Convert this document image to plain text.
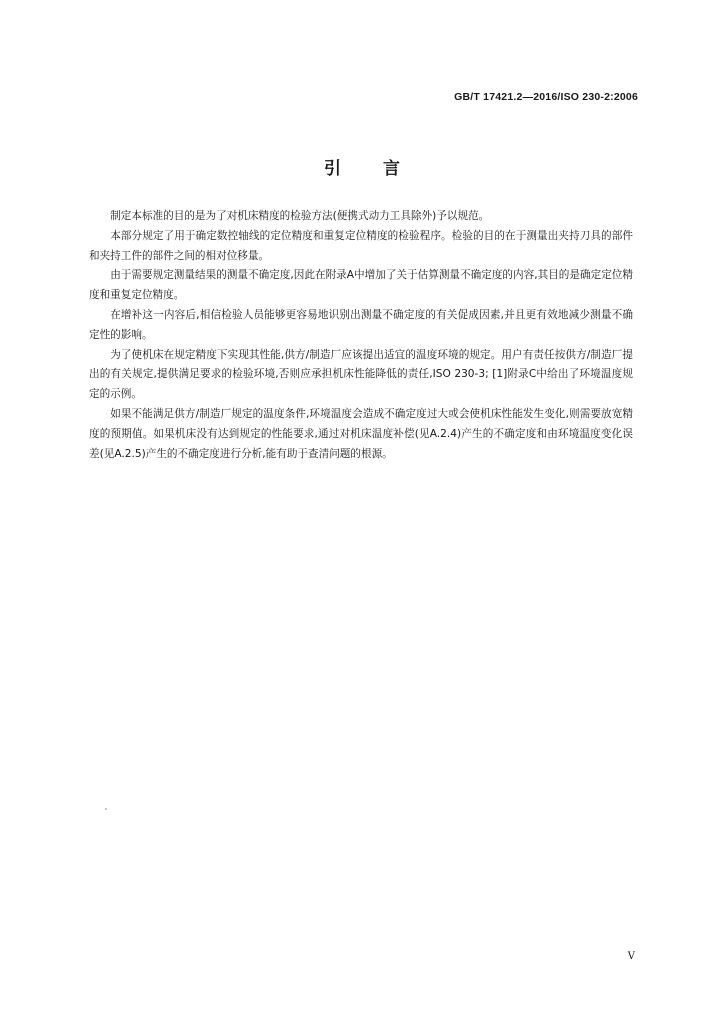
GB/T 17421.2—2016/ISO 230-2:2006
引言

制定本标准的目的是为了对机床精度的检验方法(便携式动力工具除外)予以规范。

本部分规定了用于确定数控轴线的定位精度和重复定位精度的检验程序。检验的目的在于测量出夹持刀具的部件和夹持工件的部件之间的相对位移量。

由于需要规定测量结果的测量不确定度,因此在附录A中增加了关于估算测量不确定度的内容,其目的是确定定位精度和重复定位精度。

在增补这一内容后,相信检验人员能够更容易地识别出测量不确定度的有关促成因素,并且更有效地减少测量不确定性的影响。

为了使机床在规定精度下实现其性能,供方/制造厂应该提出适宜的温度环境的规定。用户有责任按供方/制造厂提出的有关规定,提供满足要求的检验环境,否则应承担机床性能降低的责任,ISO 230-3; [1]附录C中给出了环境温度规定的示例。

如果不能满足供方/制造厂规定的温度条件,环境温度会造成不确定度过大或会使机床性能发生变化,则需要放宽精度的预期值。如果机床没有达到规定的性能要求,通过对机床温度补偿(见A.2.4)产生的不确定度和由环境温度变化误差(见A.2.5)产生的不确定度进行分析,能有助于查清问题的根源。

V
